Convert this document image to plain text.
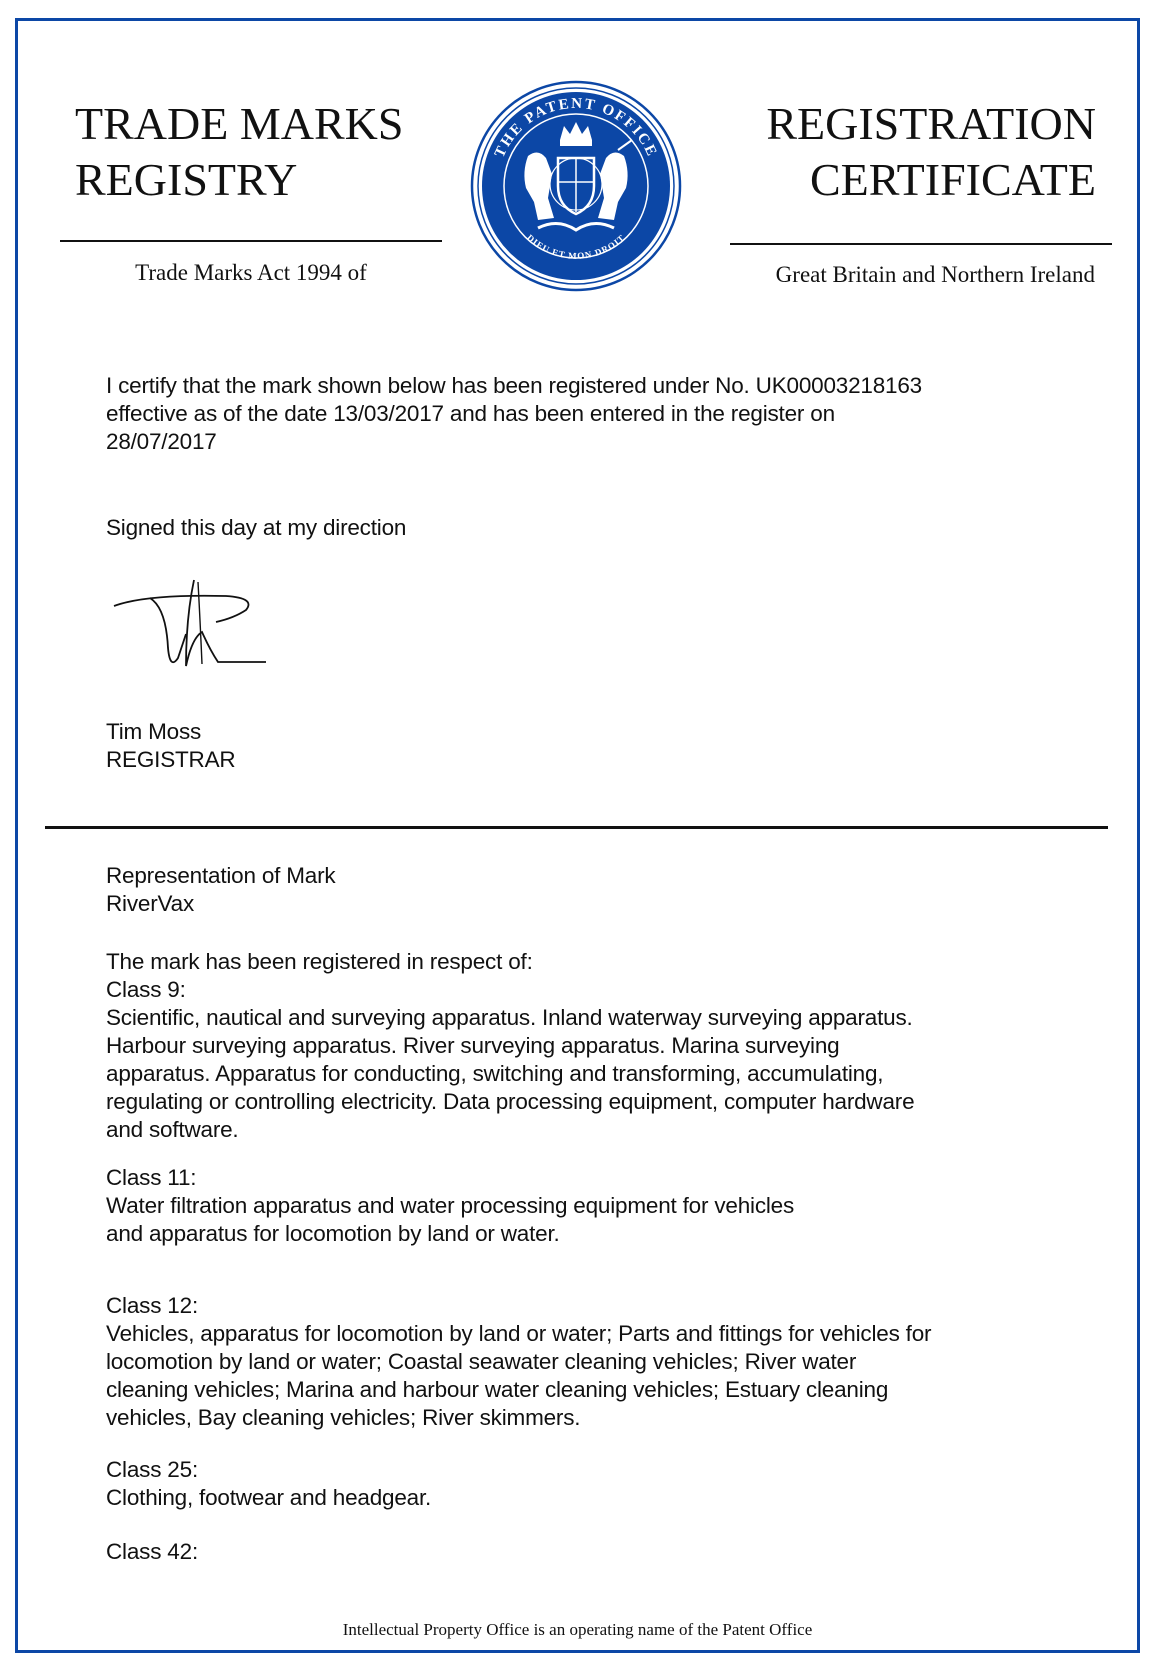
TRADE MARKS
REGISTRY
Trade Marks Act 1994 of
THE PATENT OFFICE
DIEU ET MON DROIT
REGISTRATION
CERTIFICATE
Great Britain and Northern Ireland
I certify that the mark shown below has been registered under No. UK00003218163
effective as of the date 13/03/2017 and has been entered in the register on
28/07/2017
Signed this day at my direction
Tim Moss
REGISTRAR
Representation of Mark
RiverVax
The mark has been registered in respect of:
Class 9:
Scientific, nautical and surveying apparatus. Inland waterway surveying apparatus.
Harbour surveying apparatus. River surveying apparatus. Marina surveying
apparatus. Apparatus for conducting, switching and transforming, accumulating,
regulating or controlling electricity. Data processing equipment, computer hardware
and software.
Class 11:
Water filtration apparatus and water processing equipment for vehicles
and apparatus for locomotion by land or water.
Class 12:
Vehicles, apparatus for locomotion by land or water; Parts and fittings for vehicles for
locomotion by land or water; Coastal seawater cleaning vehicles; River water
cleaning vehicles; Marina and harbour water cleaning vehicles; Estuary cleaning
vehicles, Bay cleaning vehicles; River skimmers.
Class 25:
Clothing, footwear and headgear.
Class 42:
Intellectual Property Office is an operating name of the Patent Office
